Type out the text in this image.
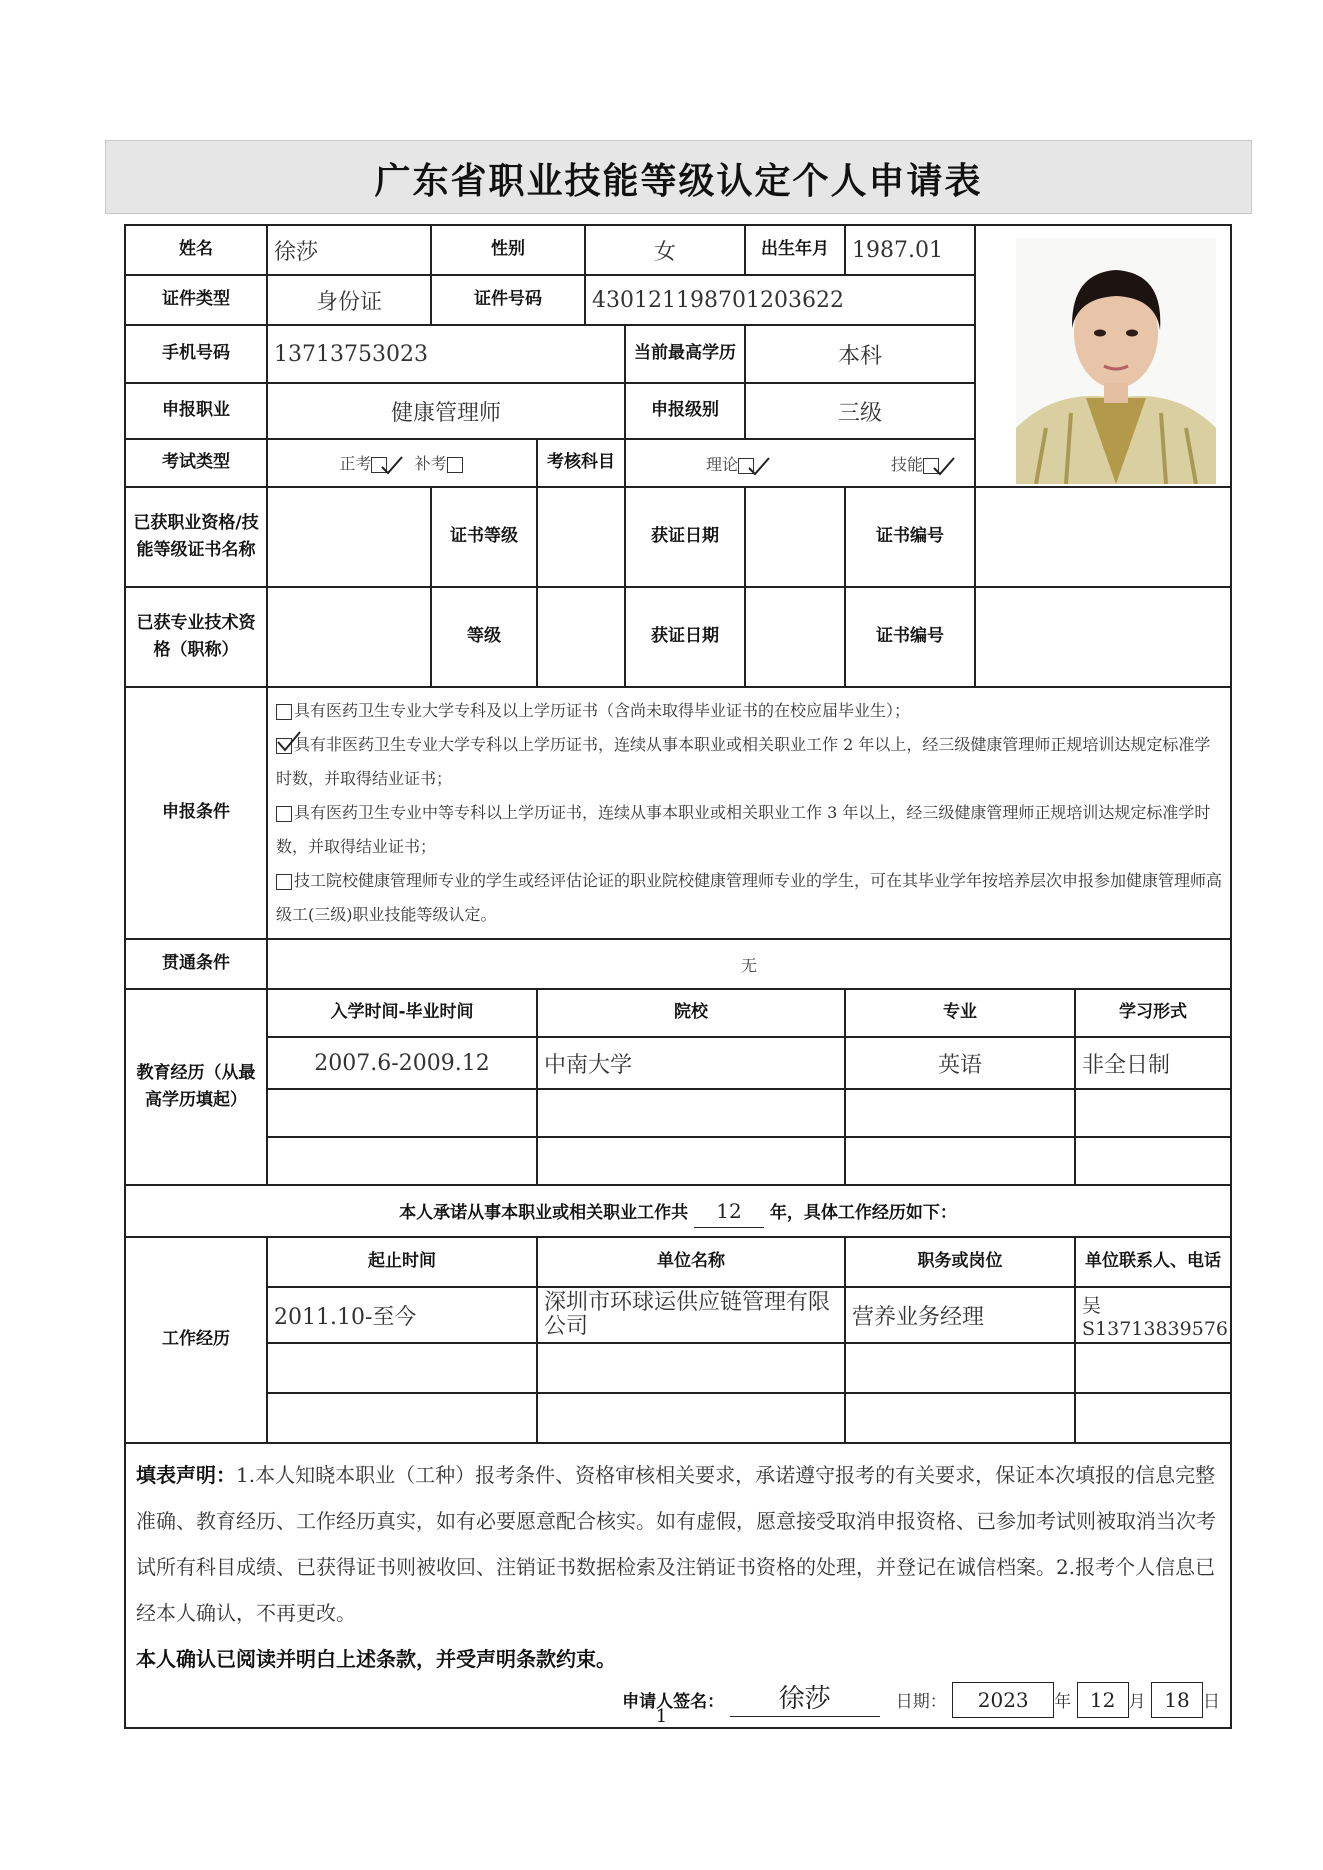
广东省职业技能等级认定个人申请表
姓名	徐莎	性别		女		出生年月	1987.01	

证件类型	身份证	证件号码		430121198701203622					
手机号码	13713753023				当前最高学历	本科			
申报职业	健康管理师				申报级别	三级			
考试类型	正考 补考		考核科目		理论 技能				

已获职业资格/技能等级证书名称		证书等级			获证日期		证书编号		
已获专业技术资格（职称）		等级			获证日期		证书编号		
申报条件	具有医药卫生专业大学专科及以上学历证书（含尚未取得毕业证书的在校应届毕业生）；
具有非医药卫生专业大学专科以上学历证书，连续从事本职业或相关职业工作 2 年以上，经三级健康管理师正规培训达规定标准学时数，并取得结业证书；
具有医药卫生专业中等专科以上学历证书，连续从事本职业或相关职业工作 3 年以上，经三级健康管理师正规培训达规定标准学时数，并取得结业证书；
技工院校健康管理师专业的学生或经评估论证的职业院校健康管理师专业的学生，可在其毕业学年按培养层次申报参加健康管理师高级工(三级)职业技能等级认定。								

贯通条件	无								
教育经历（从最高学历填起）	入学时间-毕业时间		院校				专业		学习形式
	2007.6-2009.12		中南大学				英语		非全日制

本人承诺从事本职业或相关职业工作共 12 年，具体工作经历如下：									
工作经历	起止时间		单位名称				职务或岗位		单位联系人、电话
	2011.10-至今		深圳市环球运供应链管理有限公司				营养业务经理		吴S13713839576

填表声明：1.本人知晓本职业（工种）报考条件、资格审核相关要求，承诺遵守报考的有关要求，保证本次填报的信息完整准确、教育经历、工作经历真实，如有必要愿意配合核实。如有虚假，愿意接受取消申报资格、已参加考试则被取消当次考试所有科目成绩、已获得证书则被收回、注销证书数据检索及注销证书资格的处理，并登记在诚信档案。2.报考个人信息已经本人确认，不再更改。
本人确认已阅读并明白上述条款，并受声明条款约束。
申请人签名： 徐莎 日期： 2023 年 12 月 18 日									
1
